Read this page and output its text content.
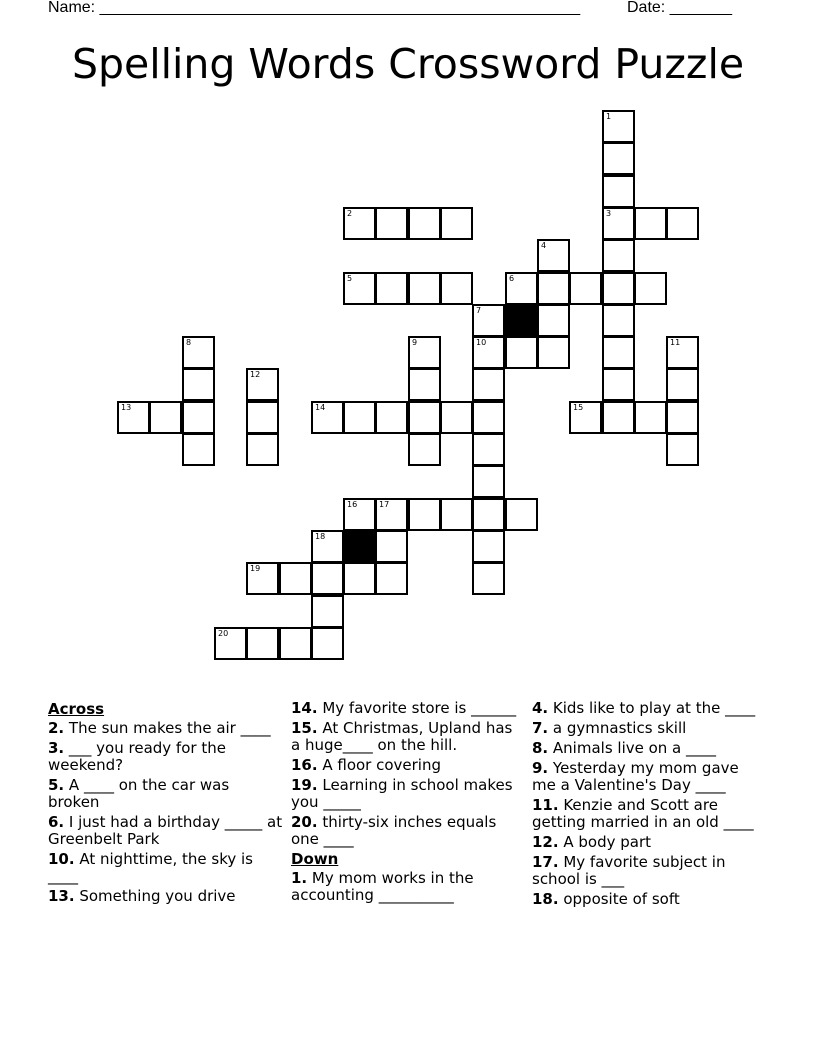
Name: ______________________________________________________	Date: _______
Spelling Words Crossword Puzzle
1
2	3
4
5	6
7
8	9	10	11
12
13	14	15
16	17
18
19
20
Across
2. The sun makes the air ____
3. ___ you ready for the weekend?
5. A ____ on the car was broken
6. I just had a birthday _____ at Greenbelt Park
10. At nighttime, the sky is ____
13. Something you drive
14. My favorite store is ______
15. At Christmas, Upland has a huge____ on the hill.
16. A floor covering
19. Learning in school makes you _____
20. thirty-six inches equals one ____
Down
1. My mom works in the accounting __________
4. Kids like to play at the ____
7. a gymnastics skill
8. Animals live on a ____
9. Yesterday my mom gave me a Valentine's Day ____
11. Kenzie and Scott are getting married in an old ____
12. A body part
17. My favorite subject in school is ___
18. opposite of soft
